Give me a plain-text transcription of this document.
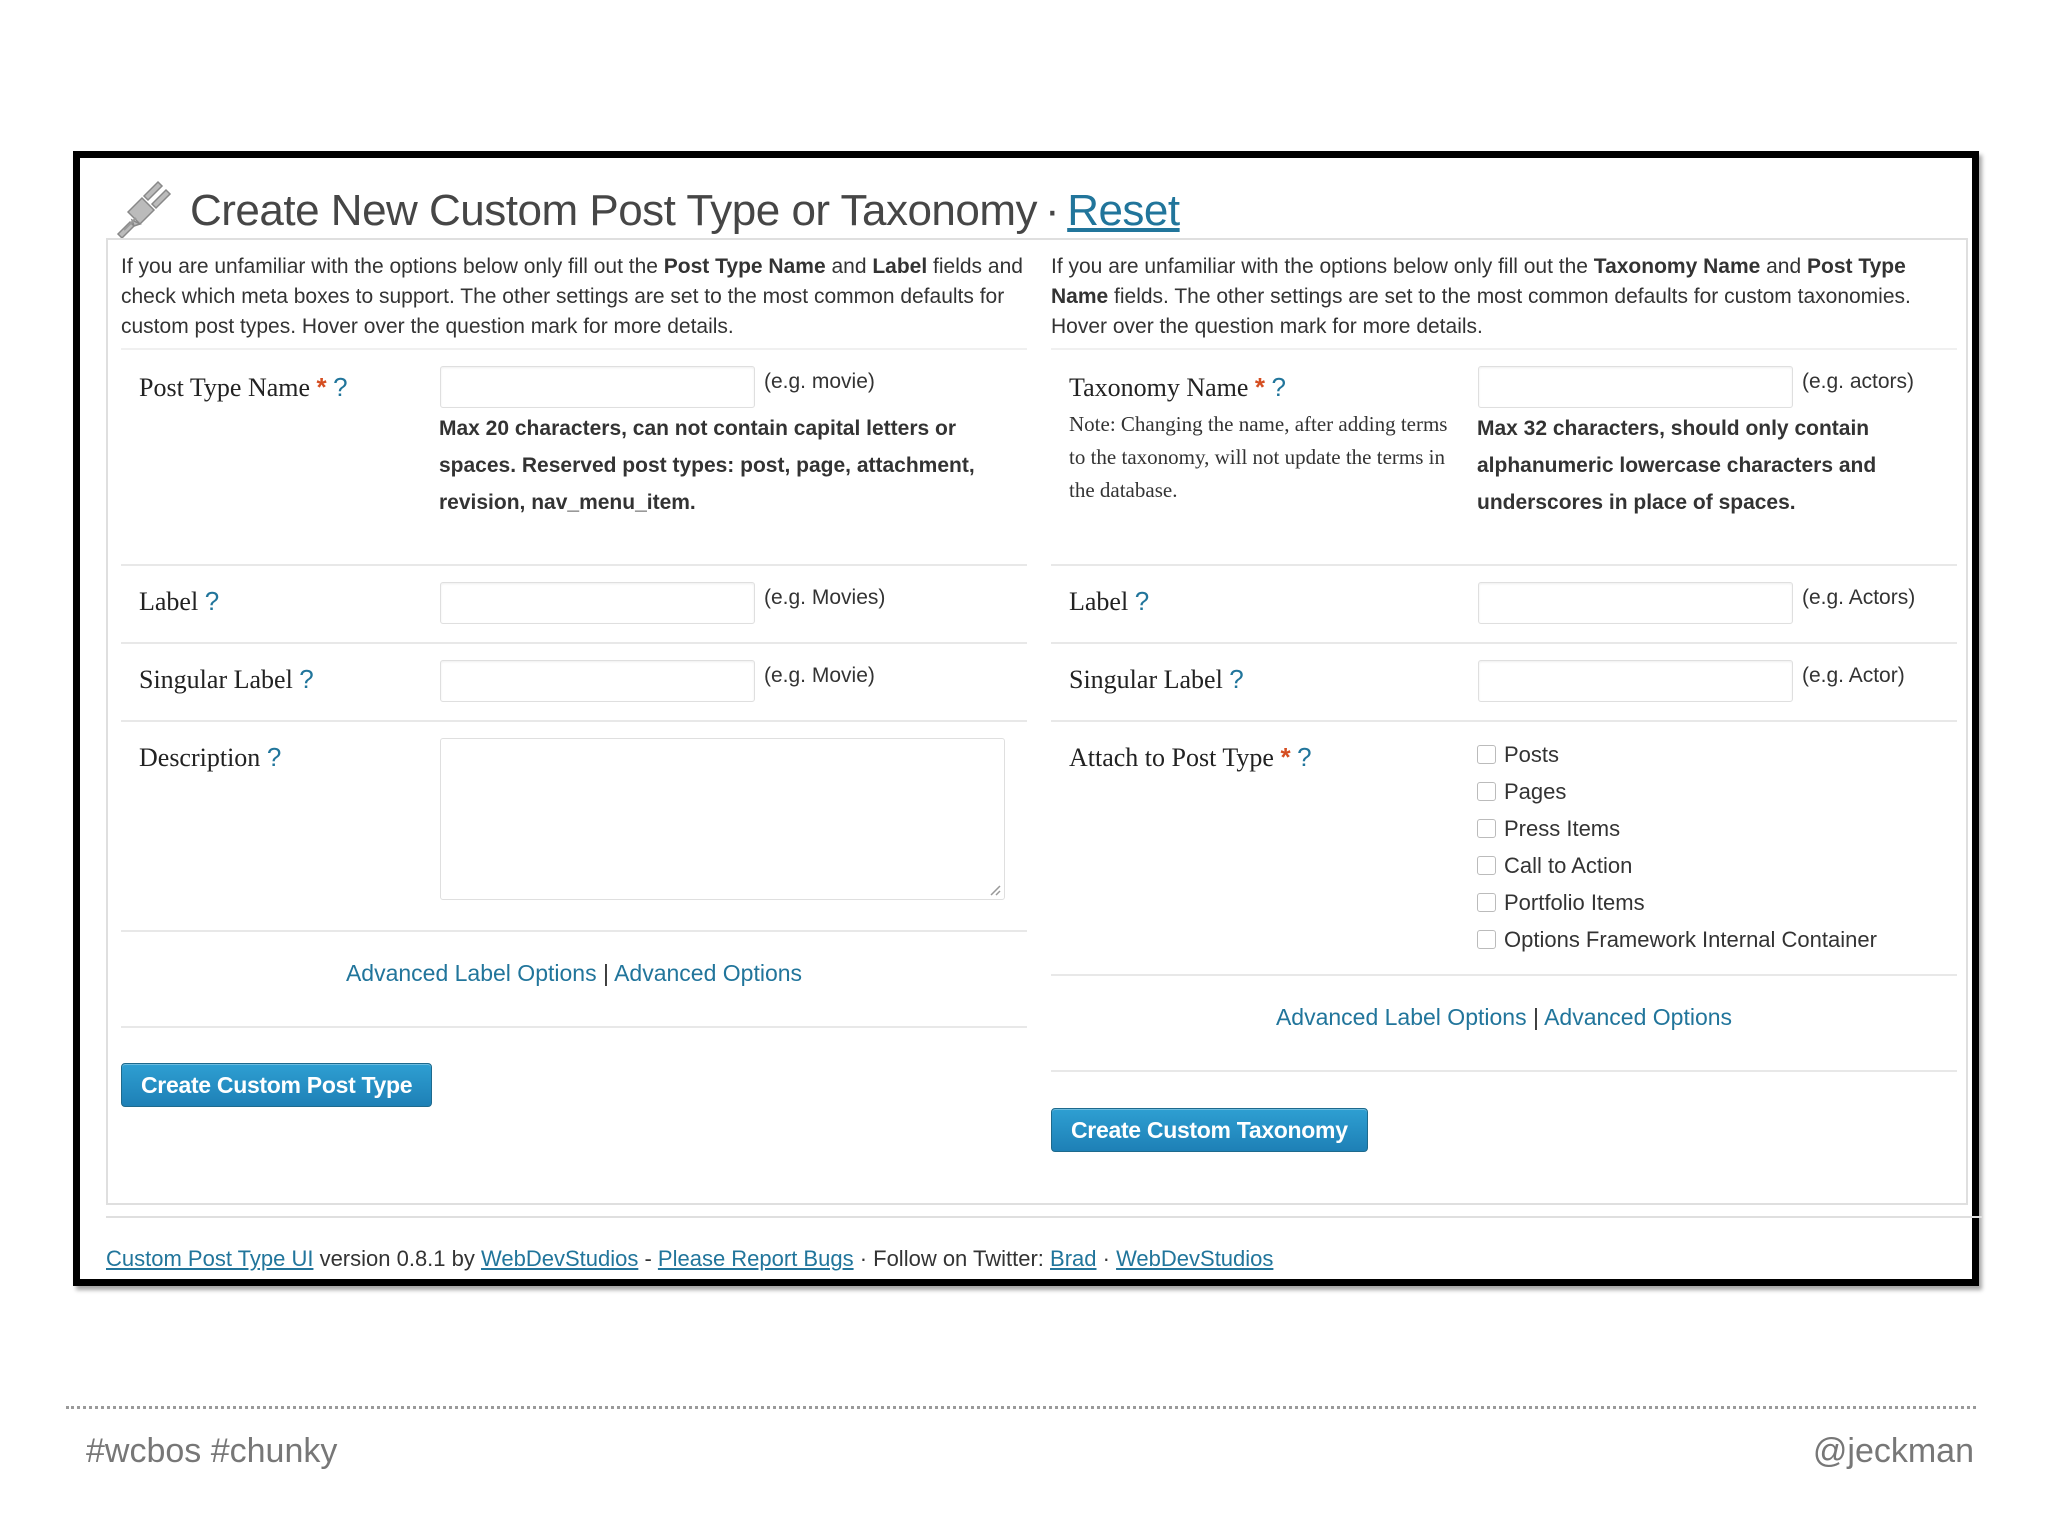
Create New Custom Post Type or Taxonomy · Reset
If you are unfamiliar with the options below only fill out the Post Type Name and Label fields and check which meta boxes to support. The other settings are set to the most common defaults for custom post types. Hover over the question mark for more details.
Post Type Name * ?	(e.g. movie)
Max 20 characters, can not contain capital letters or spaces. Reserved post types: post, page, attachment, revision, nav_menu_item.
Label ?	(e.g. Movies)
Singular Label ?	(e.g. Movie)
Description ?
Advanced Label Options | Advanced Options
Create Custom Post Type
If you are unfamiliar with the options below only fill out the Taxonomy Name and Post Type Name fields. The other settings are set to the most common defaults for custom taxonomies. Hover over the question mark for more details.
Taxonomy Name * ?
Note: Changing the name, after adding terms to the taxonomy, will not update the terms in the database.
(e.g. actors)
Max 32 characters, should only contain alphanumeric lowercase characters and underscores in place of spaces.
Label ?	(e.g. Actors)
Singular Label ?	(e.g. Actor)
Attach to Post Type * ?	Posts
Pages
Press Items
Call to Action
Portfolio Items
Options Framework Internal Container
Advanced Label Options | Advanced Options
Create Custom Taxonomy
Custom Post Type UI version 0.8.1 by WebDevStudios - Please Report Bugs · Follow on Twitter: Brad · WebDevStudios
#wcbos #chunky	@jeckman
